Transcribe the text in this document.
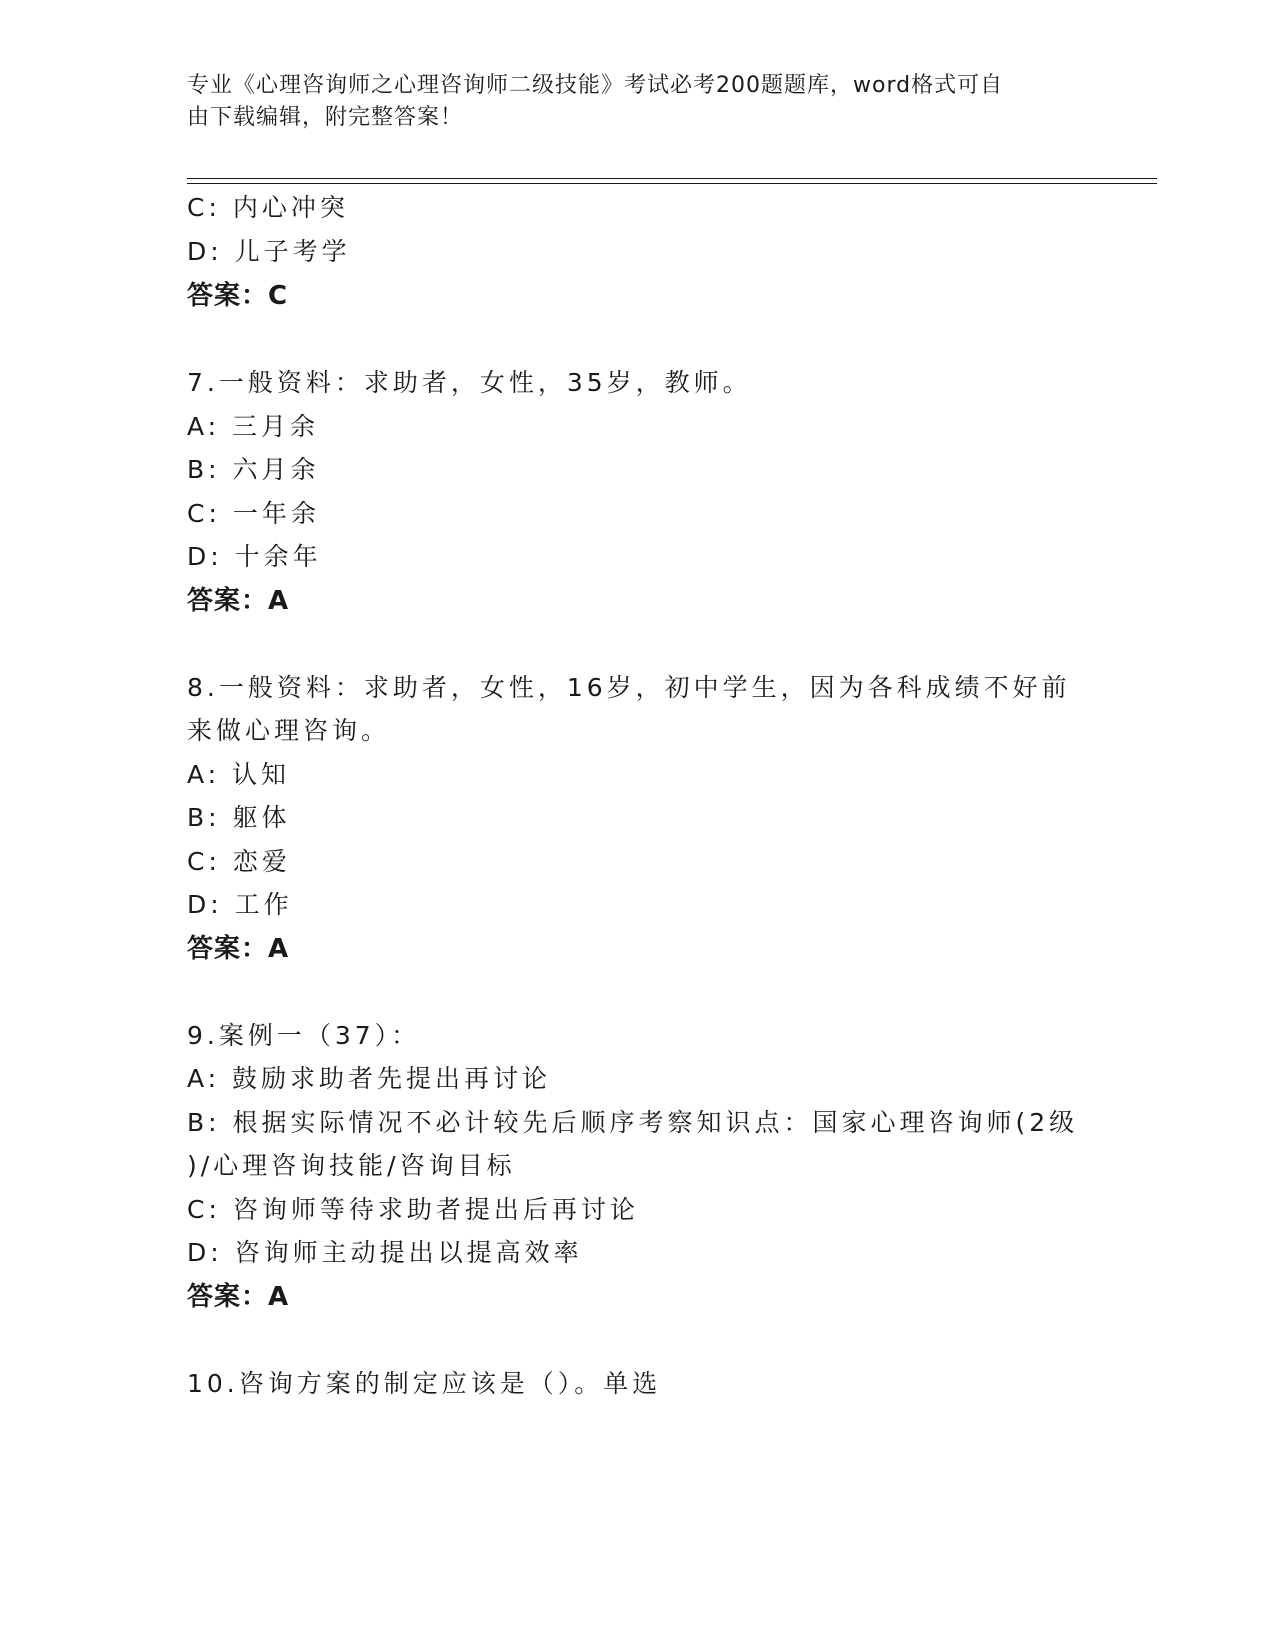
专业《心理咨询师之心理咨询师二级技能》考试必考200题题库，word格式可自
由下载编辑，附完整答案！
C: 内心冲突
D: 儿子考学
答案：C
7.一般资料：求助者，女性，35岁，教师。
A: 三月余
B: 六月余
C: 一年余
D: 十余年
答案：A
8.一般资料：求助者，女性，16岁，初中学生，因为各科成绩不好前
来做心理咨询。
A: 认知
B: 躯体
C: 恋爱
D: 工作
答案：A
9.案例一（37）：
A: 鼓励求助者先提出再讨论
B: 根据实际情况不必计较先后顺序考察知识点：国家心理咨询师(2级
)/心理咨询技能/咨询目标
C: 咨询师等待求助者提出后再讨论
D: 咨询师主动提出以提高效率
答案：A
10.咨询方案的制定应该是（）。单选
